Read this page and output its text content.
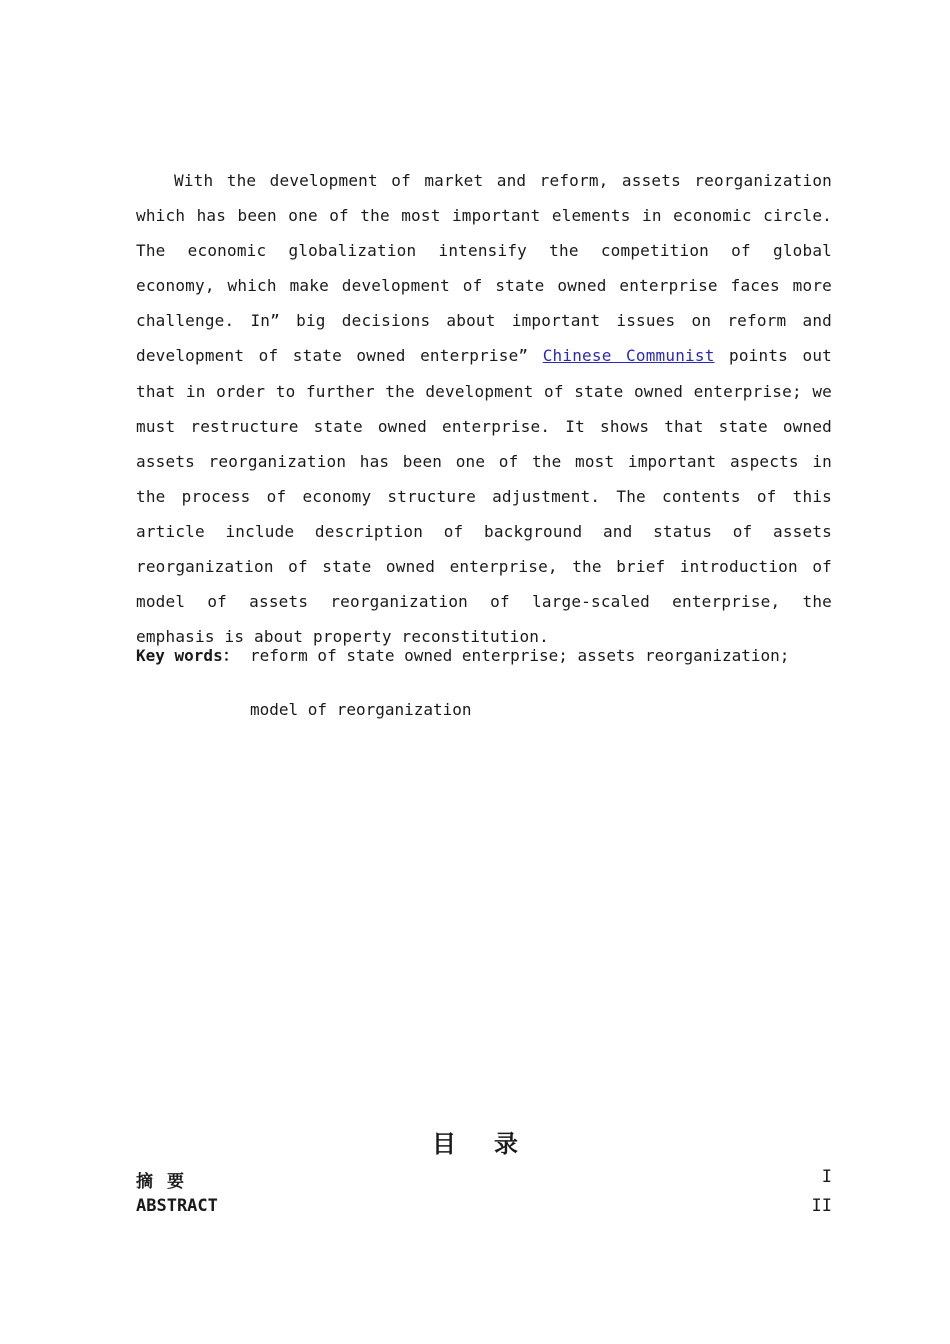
With the development of market and reform, assets reorganization which has been one of the most important elements in economic circle. The economic globalization intensify the competition of global economy, which make development of state owned enterprise faces more challenge. In” big decisions about important issues on reform and development of state owned enterprise” Chinese Communist points out that in order to further the development of state owned enterprise; we must restructure state owned enterprise. It shows that state owned assets reorganization has been one of the most important aspects in the process of economy structure adjustment. The contents of this article include description of background and status of assets reorganization of state owned enterprise, the brief introduction of model of assets reorganization of large-scaled enterprise, the emphasis is about property reconstitution.

Key words： reform of state owned enterprise; assets reorganization;
model of reorganization
目录
摘要	I
ABSTRACT	II
